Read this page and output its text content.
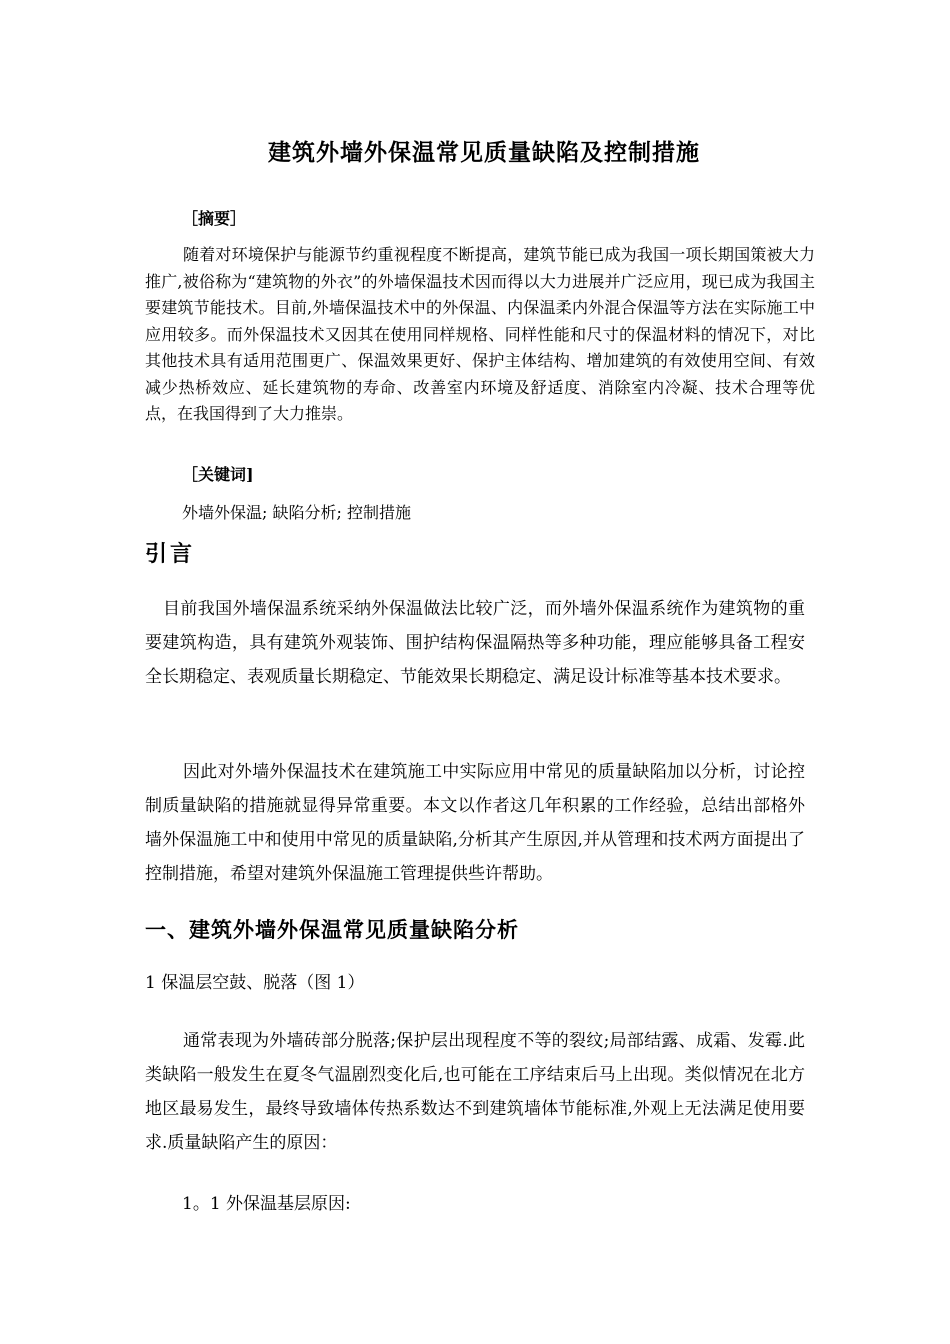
建筑外墙外保温常见质量缺陷及控制措施
［摘要］

随着对环境保护与能源节约重视程度不断提高，建筑节能已成为我国一项长期国策被大力推广,被俗称为“建筑物的外衣”的外墙保温技术因而得以大力进展并广泛应用，现已成为我国主要建筑节能技术。目前,外墙保温技术中的外保温、内保温柔内外混合保温等方法在实际施工中应用较多。而外保温技术又因其在使用同样规格、同样性能和尺寸的保温材料的情况下，对比其他技术具有适用范围更广、保温效果更好、保护主体结构、增加建筑的有效使用空间、有效减少热桥效应、延长建筑物的寿命、改善室内环境及舒适度、消除室内冷凝、技术合理等优点，在我国得到了大力推崇。

［关键词]
外墙外保温; 缺陷分析; 控制措施
引言

目前我国外墙保温系统采纳外保温做法比较广泛，而外墙外保温系统作为建筑物的重要建筑构造，具有建筑外观装饰、围护结构保温隔热等多种功能，理应能够具备工程安全长期稳定、表观质量长期稳定、节能效果长期稳定、满足设计标准等基本技术要求。

因此对外墙外保温技术在建筑施工中实际应用中常见的质量缺陷加以分析，讨论控制质量缺陷的措施就显得异常重要。本文以作者这几年积累的工作经验，总结出部格外墙外保温施工中和使用中常见的质量缺陷,分析其产生原因,并从管理和技术两方面提出了控制措施，希望对建筑外保温施工管理提供些许帮助。

一、建筑外墙外保温常见质量缺陷分析

1 保温层空鼓、脱落（图 1）

通常表现为外墙砖部分脱落;保护层出现程度不等的裂纹;局部结露、成霜、发霉.此类缺陷一般发生在夏冬气温剧烈变化后,也可能在工序结束后马上出现。类似情况在北方地区最易发生，最终导致墙体传热系数达不到建筑墙体节能标准,外观上无法满足使用要求.质量缺陷产生的原因：

1。1 外保温基层原因:
